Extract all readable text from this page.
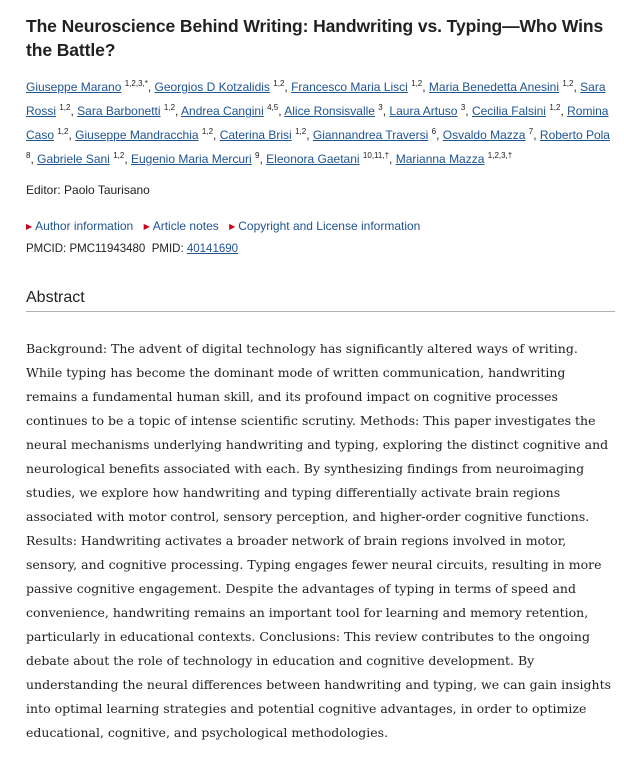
The Neuroscience Behind Writing: Handwriting vs. Typing—Who Wins the Battle?
Giuseppe Marano $^{1,2,3,*}$, Georgios D Kotzalidis $^{1,2}$, Francesco Maria Lisci $^{1,2}$, Maria Benedetta Anesini $^{1,2}$, Sara Rossi $^{1,2}$, Sara Barbonetti $^{1,2}$, Andrea Cangini $^{4,5}$, Alice Ronsisvalle $^3$, Laura Artuso $^3$, Cecilia Falsini $^{1,2}$, Romina Caso $^{1,2}$, Giuseppe Mandracchia $^{1,2}$, Caterina Brisi $^{1,2}$, Giannandrea Traversi $^6$, Osvaldo Mazza $^7$, Roberto Pola $^8$, Gabriele Sani $^{1,2}$, Eugenio Maria Mercuri $^9$, Eleonora Gaetani $^{10,11,\dagger}$, Marianna Mazza $^{1,2,3,\dagger}$
Editor: Paolo Taurisano
▶ Author information ▶ Article notes ▶ Copyright and License information
PMCID: PMC11943480 PMID: 40141690
Abstract
Background: The advent of digital technology has significantly altered ways of writing. While typing has become the dominant mode of written communication, handwriting remains a fundamental human skill, and its profound impact on cognitive processes continues to be a topic of intense scientific scrutiny. Methods: This paper investigates the neural mechanisms underlying handwriting and typing, exploring the distinct cognitive and neurological benefits associated with each. By synthesizing findings from neuroimaging studies, we explore how handwriting and typing differentially activate brain regions associated with motor control, sensory perception, and higher-order cognitive functions. Results: Handwriting activates a broader network of brain regions involved in motor, sensory, and cognitive processing. Typing engages fewer neural circuits, resulting in more passive cognitive engagement. Despite the advantages of typing in terms of speed and convenience, handwriting remains an important tool for learning and memory retention, particularly in educational contexts. Conclusions: This review contributes to the ongoing debate about the role of technology in education and cognitive development. By understanding the neural differences between handwriting and typing, we can gain insights into optimal learning strategies and potential cognitive advantages, in order to optimize educational, cognitive, and psychological methodologies.
